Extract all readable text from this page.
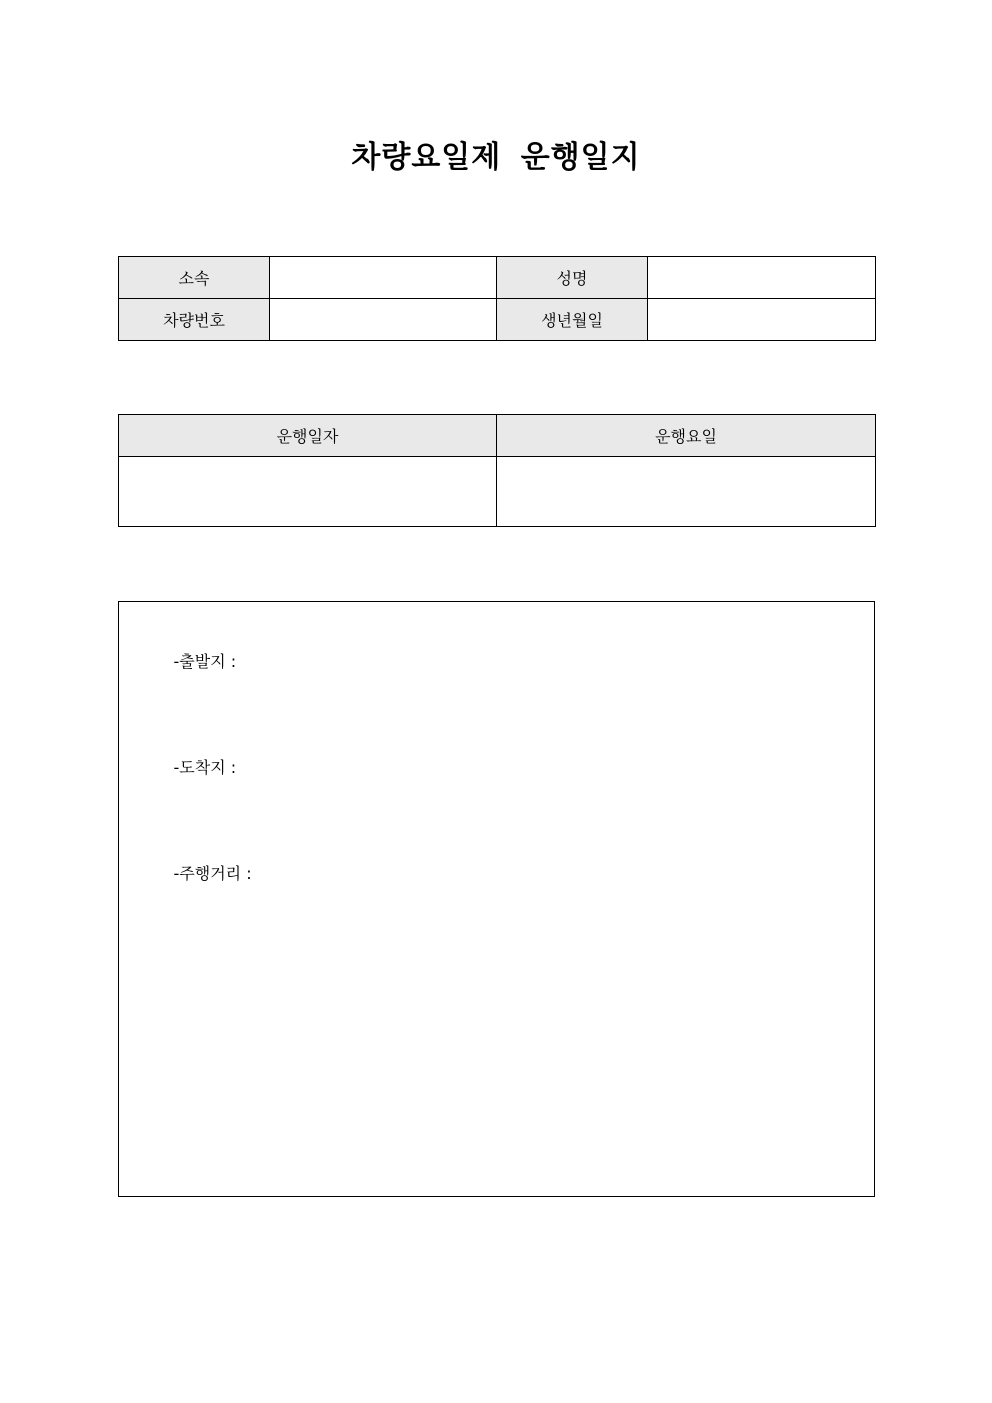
차량요일제 운행일지
소속		성명	
차량번호		생년월일	
운행일자	운행요일

-출발지 :

-도착지 :

-주행거리 :
